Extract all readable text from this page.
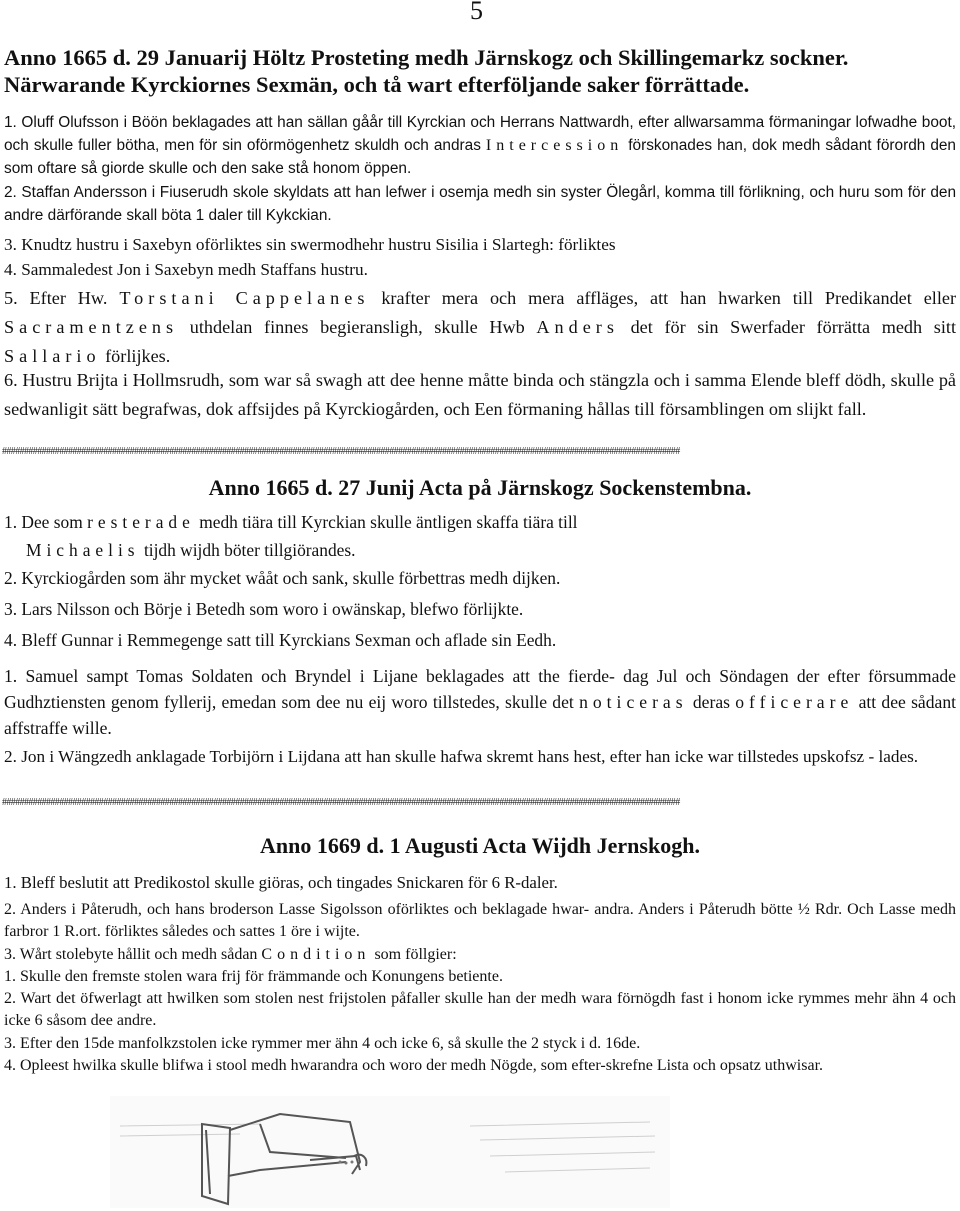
5
Anno 1665 d. 29 Januarij Höltz Prosteting medh Järnskogz och Skillingemarkz sockner.
Närwarande Kyrckiornes Sexmän, och tå wart efterföljande saker förrättade.
1. Oluff Olufsson i Böön beklagades att han sällan gåår till Kyrckian och Herrans Nattwardh, efter allwarsamma förmaningar lofwadhe boot, och skulle fuller bötha, men för sin oförmögenhetz skuldh och andras Intercession förskonades han, dok medh sådant förordh den som oftare så giorde skulle och den sake stå honom öppen.
2. Staffan Andersson i Fiuserudh skole skyldats att han lefwer i osemja medh sin syster Ölegårl, komma till förlikning, och huru som för den andre därförande skall böta 1 daler till Kykckian.
3. Knudtz hustru i Saxebyn oförliktes sin swermodhehr hustru Sisilia i Slartegh: förliktes
4. Sammaledest Jon i Saxebyn medh Staffans hustru.
5. Efter Hw. Torstani Cappelanes krafter mera och mera affläges, att han hwarken till Predikandet eller Sacramentzens uthdelan finnes begieransligh, skulle Hwb Anders det för sin Swerfader förrätta medh sitt Sallario förlijkes.
6. Hustru Brijta i Hollmsrudh, som war så swagh att dee henne måtte binda och stängzla och i samma Elende bleff dödh, skulle på sedwanligit sätt begrafwas, dok affsijdes på Kyrckiogården, och Een förmaning hållas till församblingen om slijkt fall.
##########################################################################################################################################################
Anno 1665 d. 27 Junij Acta på Järnskogz Sockenstembna.
1. Dee som resterade medh tiära till Kyrckian skulle äntligen skaffa tiära till
Michaelis tijdh wijdh böter tillgiörandes.
2. Kyrckiogården som ähr mycket wååt och sank, skulle förbettras medh dijken.
3. Lars Nilsson och Börje i Betedh som woro i owänskap, blefwo förlijkte.
4. Bleff Gunnar i Remmegenge satt till Kyrckians Sexman och aflade sin Eedh.
1. Samuel sampt Tomas Soldaten och Bryndel i Lijane beklagades att the fierde- dag Jul och Söndagen der efter försummade Gudhztiensten genom fyllerij, emedan som dee nu eij woro tillstedes, skulle det noticeras deras officerare att dee sådant affstraffe wille.
2. Jon i Wängzedh anklagade Torbijörn i Lijdana att han skulle hafwa skremt hans hest, efter han icke war tillstedes upskofsz - lades.
##########################################################################################################################################################
Anno 1669 d. 1 Augusti Acta Wijdh Jernskogh.
1. Bleff beslutit att Predikostol skulle giöras, och tingades Snickaren för 6 R-daler.
2. Anders i Påterudh, och hans broderson Lasse Sigolsson oförliktes och beklagade hwar- andra. Anders i Påterudh bötte ½ Rdr. Och Lasse medh farbror 1 R.ort. förliktes således och sattes 1 öre i wijte.
3. Wårt stolebyte hållit och medh sådan Condition som föllgier:
1. Skulle den fremste stolen wara frij för främmande och Konungens betiente.
2. Wart det öfwerlagt att hwilken som stolen nest frijstolen påfaller skulle han der medh wara förnögdh fast i honom icke rymmes mehr ähn 4 och icke 6 såsom dee andre.
3. Efter den 15de manfolkzstolen icke rymmer mer ähn 4 och icke 6, så skulle the 2 styck i d. 16de.
4. Opleest hwilka skulle blifwa i stool medh hwarandra och woro der medh Nögde, som efter-skrefne Lista och opsatz uthwisar.
